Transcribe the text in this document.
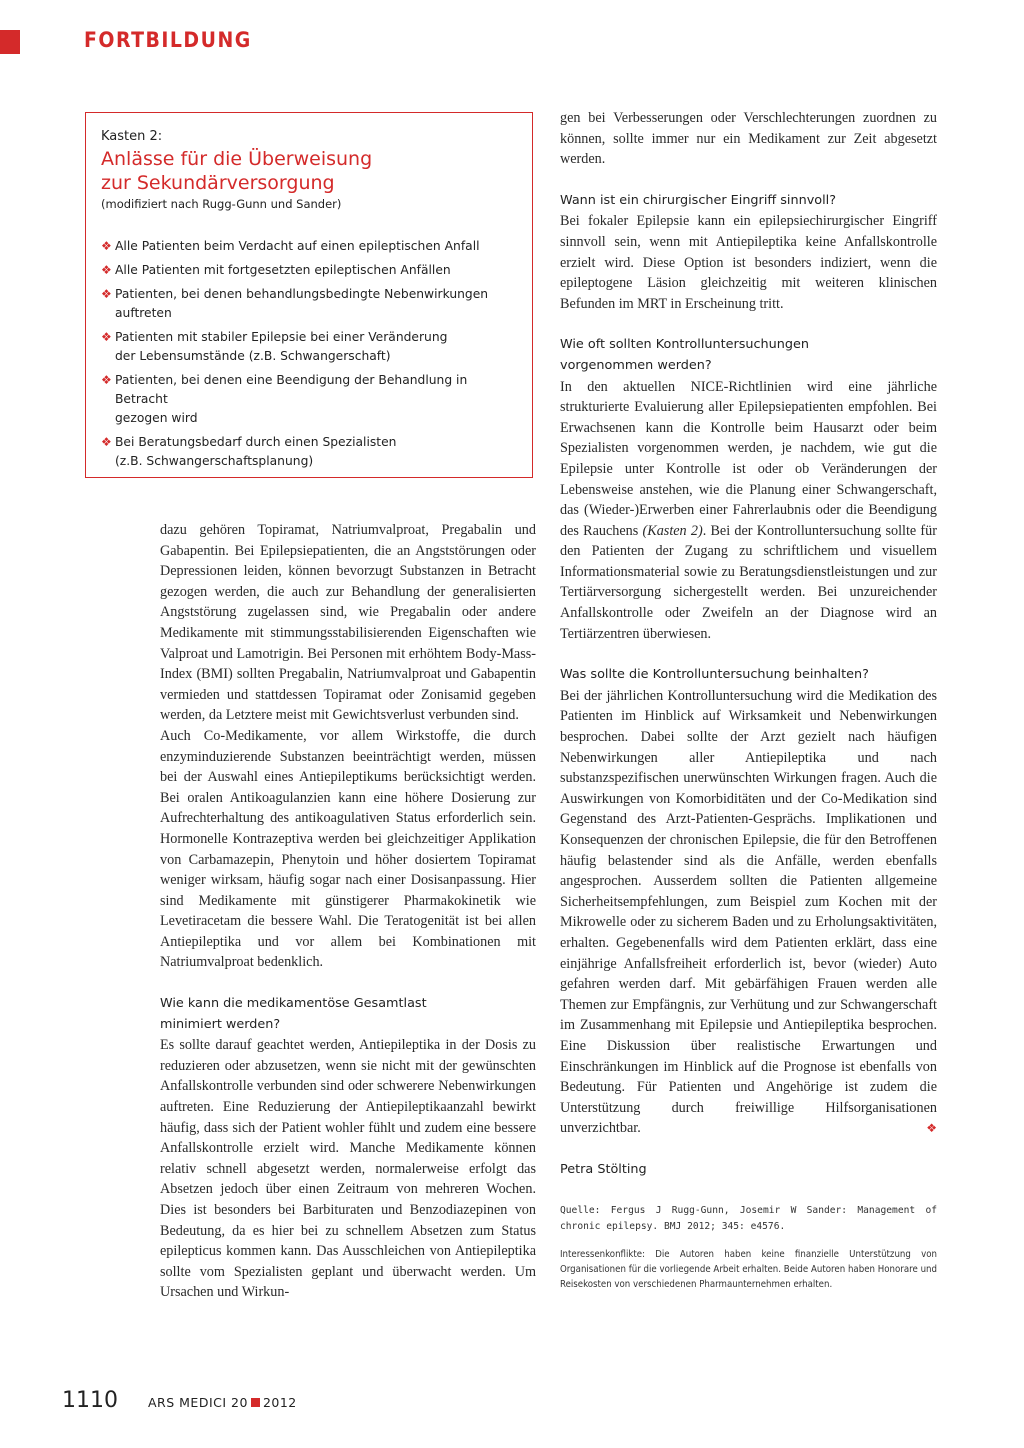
FORTBILDUNG
Kasten 2:
Anlässe für die Überweisung
zur Sekundärversorgung
(modifiziert nach Rugg-Gunn und Sander)
❖ Alle Patienten beim Verdacht auf einen epileptischen Anfall
❖ Alle Patienten mit fortgesetzten epileptischen Anfällen
❖ Patienten, bei denen behandlungsbedingte Nebenwirkungen
auftreten
❖ Patienten mit stabiler Epilepsie bei einer Veränderung
der Lebensumstände (z.B. Schwangerschaft)
❖ Patienten, bei denen eine Beendigung der Behandlung in Betracht
gezogen wird
❖ Bei Beratungsbedarf durch einen Spezialisten
(z.B. Schwangerschaftsplanung)

dazu gehören Topiramat, Natriumvalproat, Pregabalin und Gabapentin. Bei Epilepsiepatienten, die an Angststörungen oder Depressionen leiden, können bevorzugt Substanzen in Betracht gezogen werden, die auch zur Behandlung der generalisierten Angststörung zugelassen sind, wie Pregabalin oder andere Medikamente mit stimmungsstabilisierenden Eigenschaften wie Valproat und Lamotrigin. Bei Personen mit erhöhtem Body-Mass-Index (BMI) sollten Pregabalin, Natriumvalproat und Gabapentin vermieden und stattdessen Topiramat oder Zonisamid gegeben werden, da Letztere meist mit Gewichtsverlust verbunden sind.

Auch Co-Medikamente, vor allem Wirkstoffe, die durch enzyminduzierende Substanzen beeinträchtigt werden, müssen bei der Auswahl eines Antiepileptikums berücksichtigt werden. Bei oralen Antikoagulanzien kann eine höhere Dosierung zur Aufrechterhaltung des antikoagulativen Status erforderlich sein. Hormonelle Kontrazeptiva werden bei gleichzeitiger Applikation von Carbamazepin, Phenytoin und höher dosiertem Topiramat weniger wirksam, häufig sogar nach einer Dosisanpassung. Hier sind Medikamente mit günstigerer Pharmakokinetik wie Levetiracetam die bessere Wahl. Die Teratogenität ist bei allen Antiepileptika und vor allem bei Kombinationen mit Natriumvalproat bedenklich.

Wie kann die medikamentöse Gesamtlast
minimiert werden?

Es sollte darauf geachtet werden, Antiepileptika in der Dosis zu reduzieren oder abzusetzen, wenn sie nicht mit der gewünschten Anfallskontrolle verbunden sind oder schwerere Nebenwirkungen auftreten. Eine Reduzierung der Antiepileptikaanzahl bewirkt häufig, dass sich der Patient wohler fühlt und zudem eine bessere Anfallskontrolle erzielt wird. Manche Medikamente können relativ schnell abgesetzt werden, normalerweise erfolgt das Absetzen jedoch über einen Zeitraum von mehreren Wochen. Dies ist besonders bei Barbituraten und Benzodiazepinen von Bedeutung, da es hier bei zu schnellem Absetzen zum Status epilepticus kommen kann. Das Ausschleichen von Antiepileptika sollte vom Spezialisten geplant und überwacht werden. Um Ursachen und Wirkun-

gen bei Verbesserungen oder Verschlechterungen zuordnen zu können, sollte immer nur ein Medikament zur Zeit abgesetzt werden.

Wann ist ein chirurgischer Eingriff sinnvoll?

Bei fokaler Epilepsie kann ein epilepsiechirurgischer Eingriff sinnvoll sein, wenn mit Antiepileptika keine Anfallskontrolle erzielt wird. Diese Option ist besonders indiziert, wenn die epileptogene Läsion gleichzeitig mit weiteren klinischen Befunden im MRT in Erscheinung tritt.

Wie oft sollten Kontrolluntersuchungen
vorgenommen werden?

In den aktuellen NICE-Richtlinien wird eine jährliche strukturierte Evaluierung aller Epilepsiepatienten empfohlen. Bei Erwachsenen kann die Kontrolle beim Hausarzt oder beim Spezialisten vorgenommen werden, je nachdem, wie gut die Epilepsie unter Kontrolle ist oder ob Veränderungen der Lebensweise anstehen, wie die Planung einer Schwangerschaft, das (Wieder-)Erwerben einer Fahrerlaubnis oder die Beendigung des Rauchens (Kasten 2). Bei der Kontrolluntersuchung sollte für den Patienten der Zugang zu schriftlichem und visuellem Informationsmaterial sowie zu Beratungsdienstleistungen und zur Tertiärversorgung sichergestellt werden. Bei unzureichender Anfallskontrolle oder Zweifeln an der Diagnose wird an Tertiärzentren überwiesen.

Was sollte die Kontrolluntersuchung beinhalten?

Bei der jährlichen Kontrolluntersuchung wird die Medikation des Patienten im Hinblick auf Wirksamkeit und Nebenwirkungen besprochen. Dabei sollte der Arzt gezielt nach häufigen Nebenwirkungen aller Antiepileptika und nach substanzspezifischen unerwünschten Wirkungen fragen. Auch die Auswirkungen von Komorbiditäten und der Co-Medikation sind Gegenstand des Arzt-Patienten-Gesprächs. Implikationen und Konsequenzen der chronischen Epilepsie, die für den Betroffenen häufig belastender sind als die Anfälle, werden ebenfalls angesprochen. Ausserdem sollten die Patienten allgemeine Sicherheitsempfehlungen, zum Beispiel zum Kochen mit der Mikrowelle oder zu sicherem Baden und zu Erholungsaktivitäten, erhalten. Gegebenenfalls wird dem Patienten erklärt, dass eine einjährige Anfallsfreiheit erforderlich ist, bevor (wieder) Auto gefahren werden darf. Mit gebärfähigen Frauen werden alle Themen zur Empfängnis, zur Verhütung und zur Schwangerschaft im Zusammenhang mit Epilepsie und Antiepileptika besprochen. Eine Diskussion über realistische Erwartungen und Einschränkungen im Hinblick auf die Prognose ist ebenfalls von Bedeutung. Für Patienten und Angehörige ist zudem die Unterstützung durch freiwillige Hilfsorganisationen unverzichtbar.	❖

Petra Stölting

Quelle: Fergus J Rugg-Gunn, Josemir W Sander: Management of chronic epilepsy. BMJ 2012; 345: e4576.

Interessenkonflikte: Die Autoren haben keine finanzielle Unterstützung von Organisationen für die vorliegende Arbeit erhalten. Beide Autoren haben Honorare und Reisekosten von verschiedenen Pharmaunternehmen erhalten.

1110 ARS MEDICI 20 2012
